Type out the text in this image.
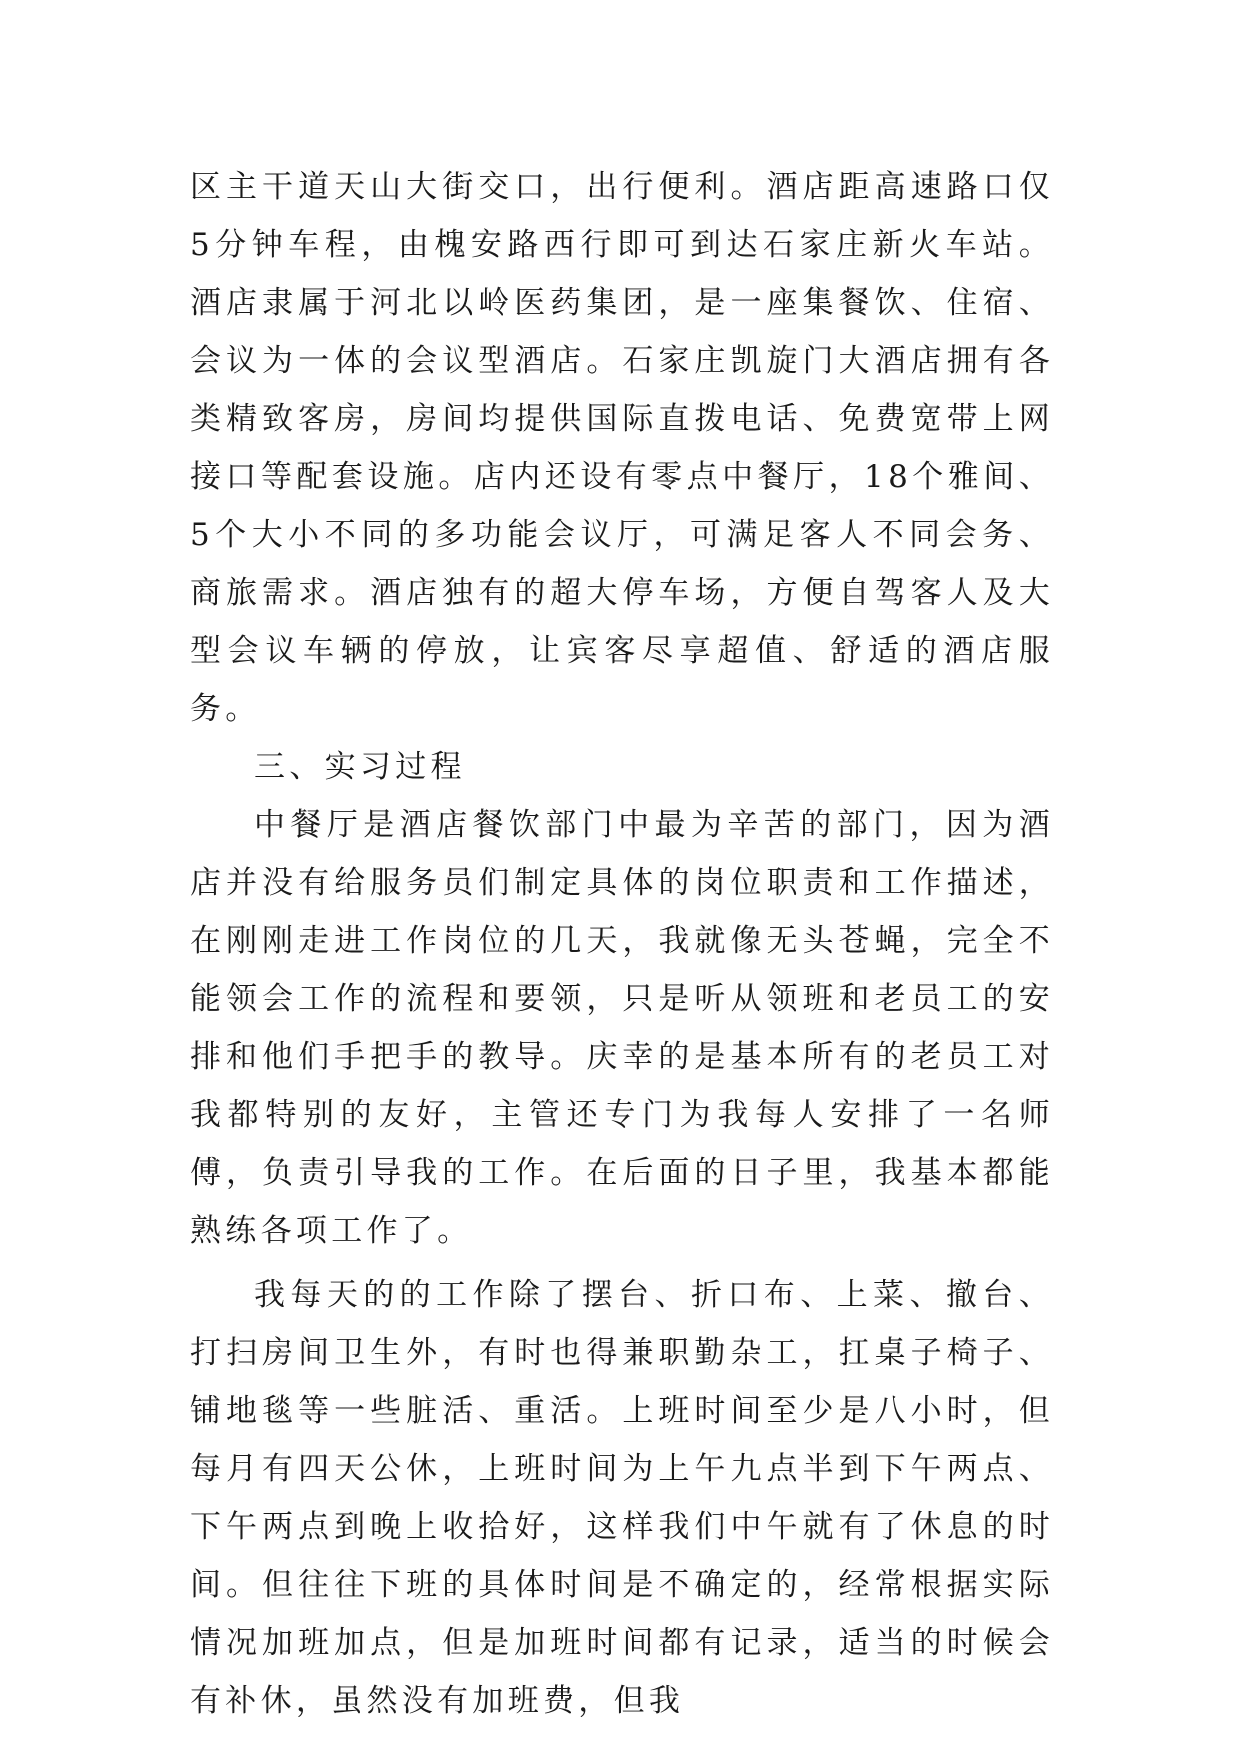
区主干道天山大街交口，出行便利。酒店距高速路口仅5分钟车程，由槐安路西行即可到达石家庄新火车站。酒店隶属于河北以岭医药集团，是一座集餐饮、住宿、会议为一体的会议型酒店。石家庄凯旋门大酒店拥有各类精致客房，房间均提供国际直拨电话、免费宽带上网接口等配套设施。店内还设有零点中餐厅，18个雅间、5个大小不同的多功能会议厅，可满足客人不同会务、商旅需求。酒店独有的超大停车场，方便自驾客人及大型会议车辆的停放，让宾客尽享超值、舒适的酒店服务。

三、实习过程

中餐厅是酒店餐饮部门中最为辛苦的部门，因为酒店并没有给服务员们制定具体的岗位职责和工作描述，在刚刚走进工作岗位的几天，我就像无头苍蝇，完全不能领会工作的流程和要领，只是听从领班和老员工的安排和他们手把手的教导。庆幸的是基本所有的老员工对我都特别的友好，主管还专门为我每人安排了一名师傅，负责引导我的工作。在后面的日子里，我基本都能熟练各项工作了。

我每天的的工作除了摆台、折口布、上菜、撤台、打扫房间卫生外，有时也得兼职勤杂工，扛桌子椅子、铺地毯等一些脏活、重活。上班时间至少是八小时，但每月有四天公休，上班时间为上午九点半到下午两点、下午两点到晚上收拾好，这样我们中午就有了休息的时间。但往往下班的具体时间是不确定的，经常根据实际情况加班加点，但是加班时间都有记录，适当的时候会有补休，虽然没有加班费，但我
